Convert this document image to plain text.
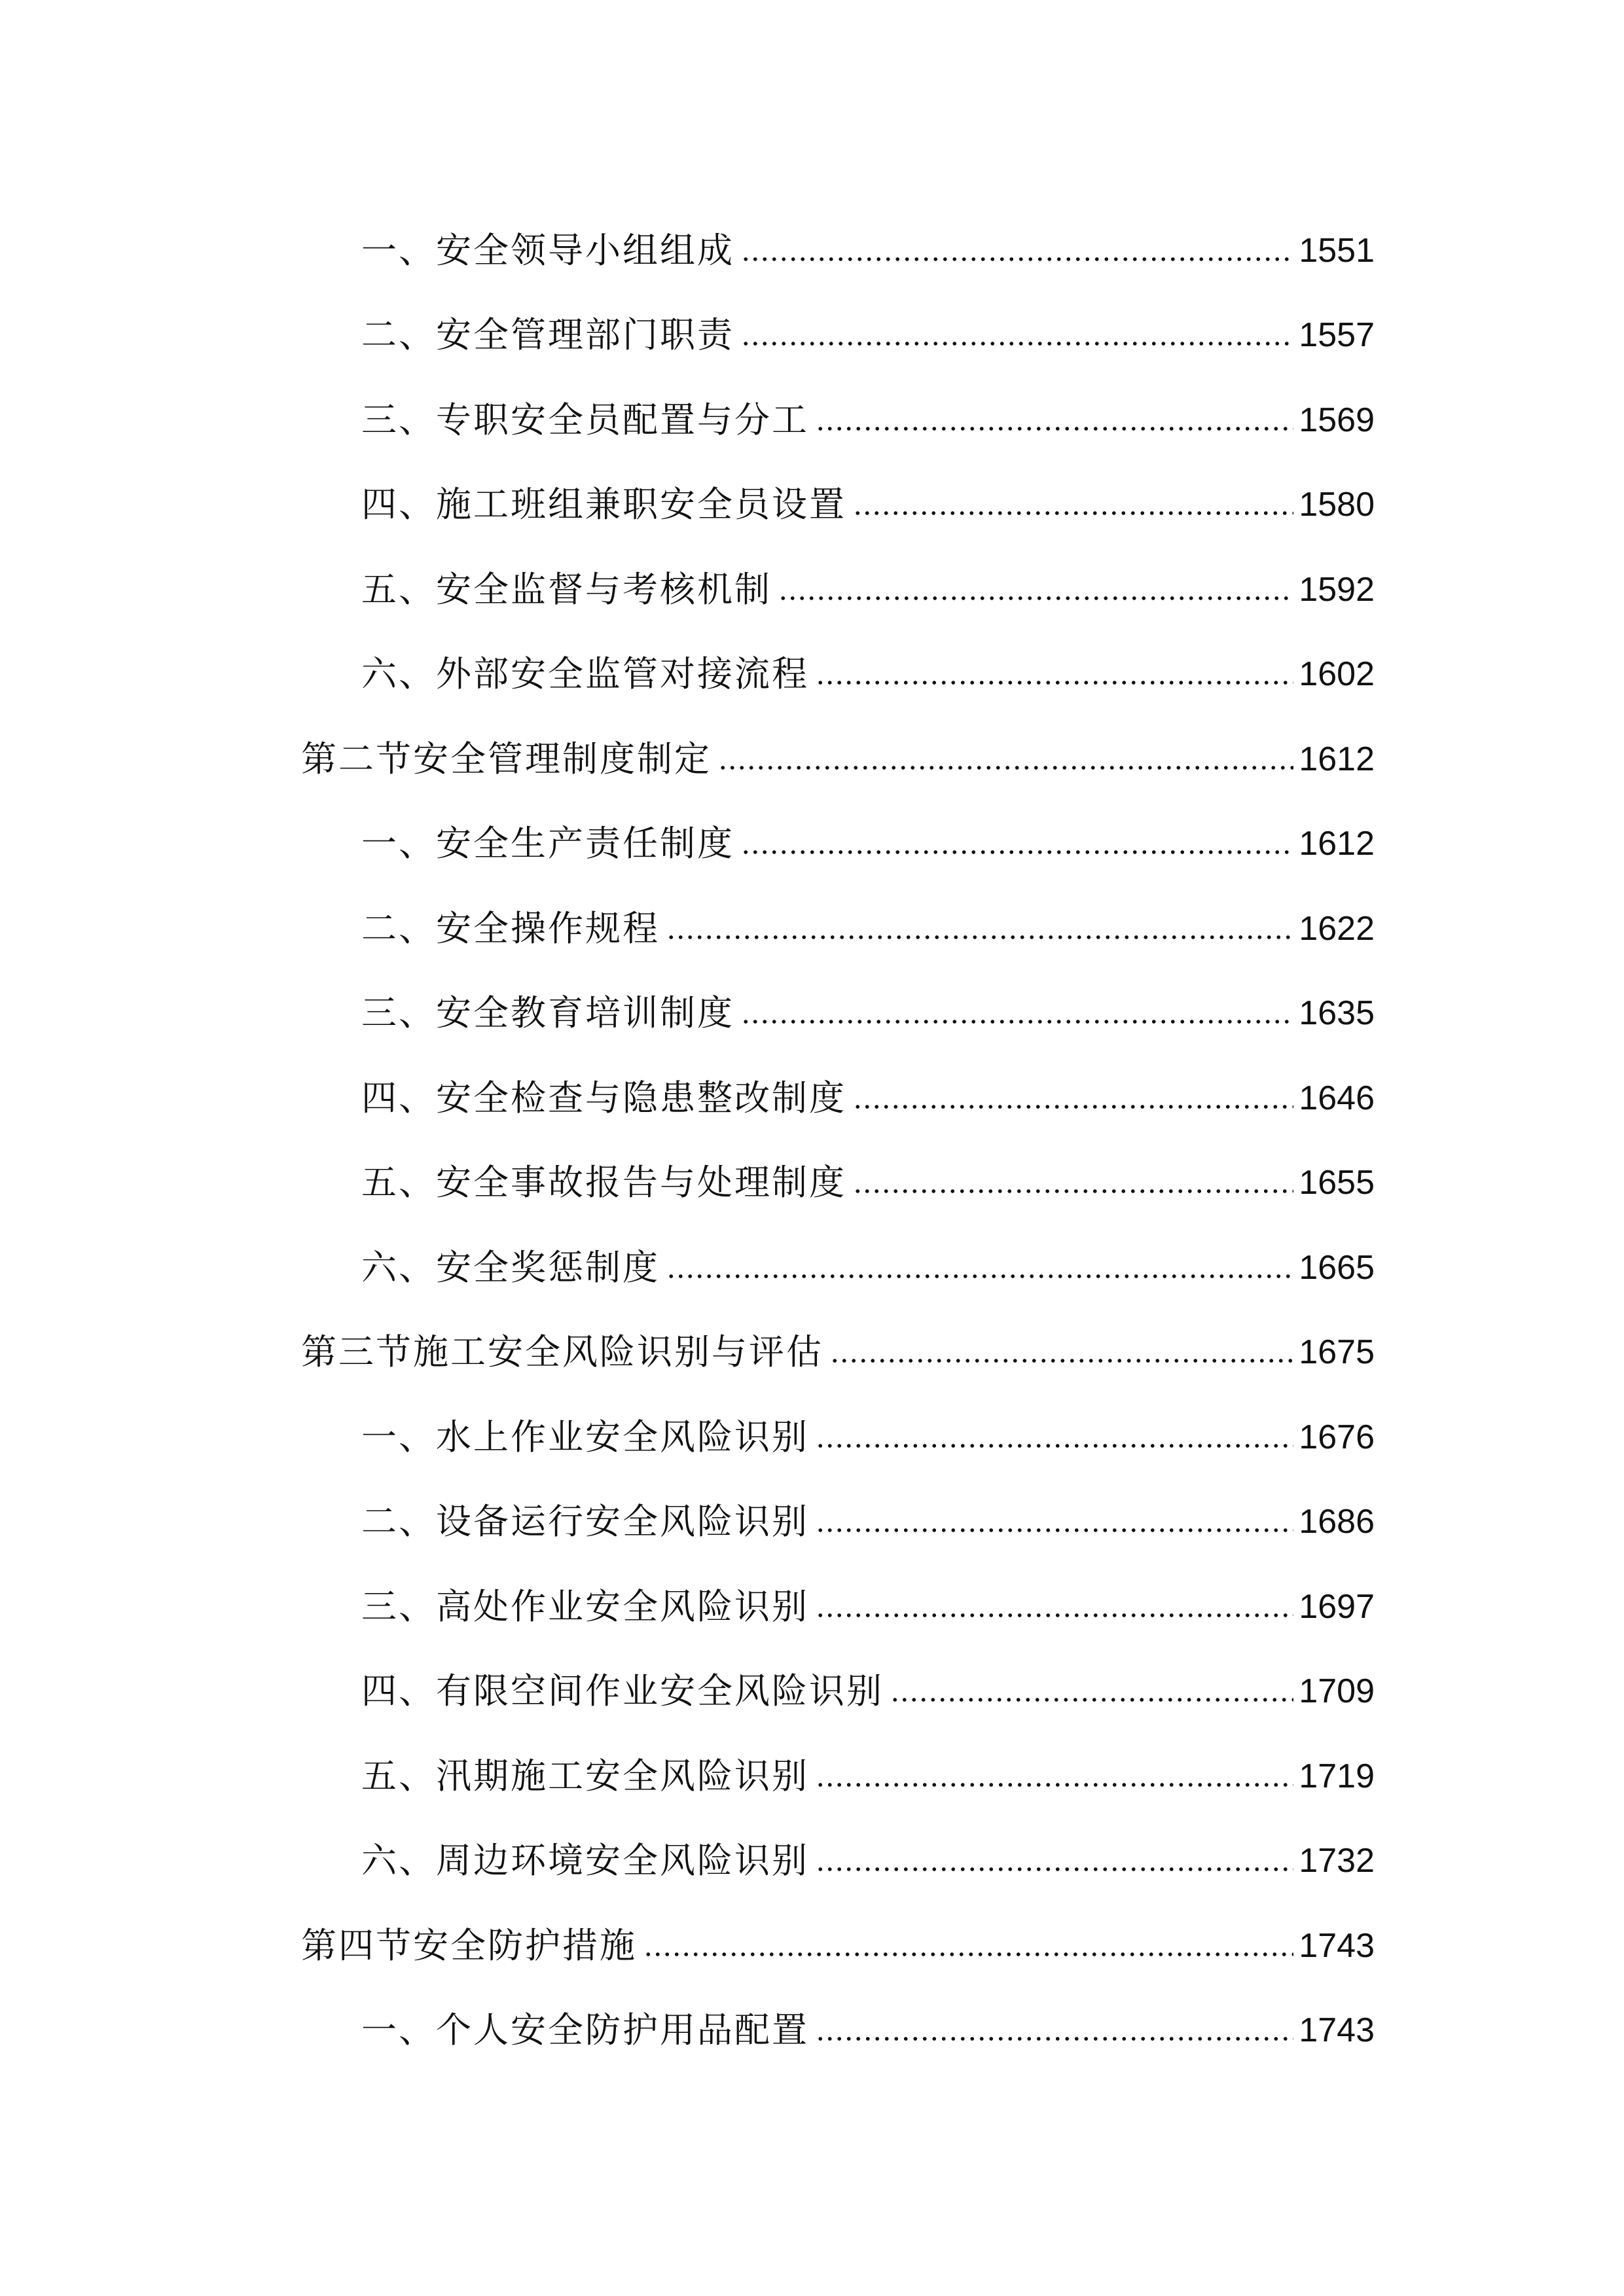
一、安全领导小组组成	1551
二、安全管理部门职责	1557
三、专职安全员配置与分工	1569
四、施工班组兼职安全员设置	1580
五、安全监督与考核机制	1592
六、外部安全监管对接流程	1602
第二节安全管理制度制定	1612
一、安全生产责任制度	1612
二、安全操作规程	1622
三、安全教育培训制度	1635
四、安全检查与隐患整改制度	1646
五、安全事故报告与处理制度	1655
六、安全奖惩制度	1665
第三节施工安全风险识别与评估	1675
一、水上作业安全风险识别	1676
二、设备运行安全风险识别	1686
三、高处作业安全风险识别	1697
四、有限空间作业安全风险识别	1709
五、汛期施工安全风险识别	1719
六、周边环境安全风险识别	1732
第四节安全防护措施	1743
一、个人安全防护用品配置	1743
